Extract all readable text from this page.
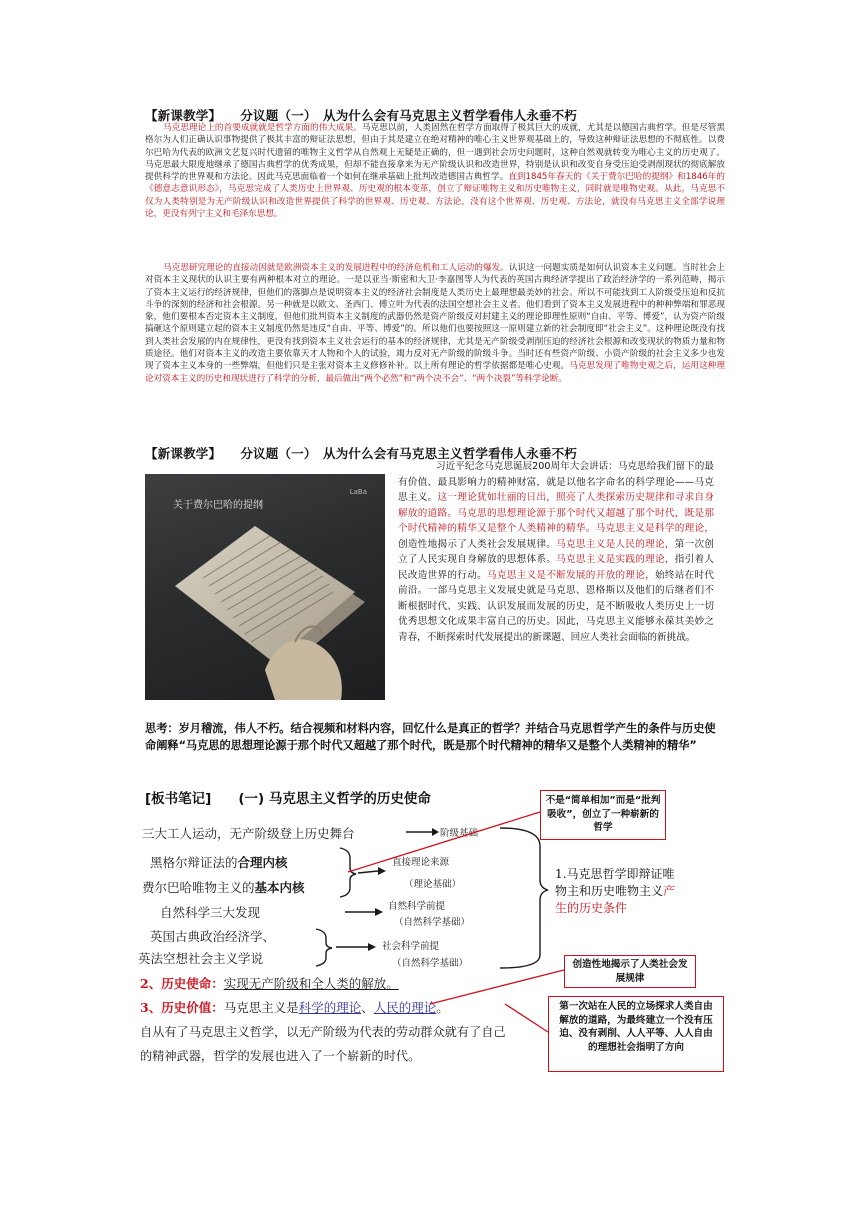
【新课教学】　　分议题（一）　从为什么会有马克思主义哲学看伟人永垂不朽
马克思理论上的首要成就就是哲学方面的伟大成果。马克思以前，人类固然在哲学方面取得了极其巨大的成就，尤其是以德国古典哲学。但是尽管黑格尔为人们正确认识事物提供了极其丰富的辩证法思想，但由于其是建立在绝对精神的唯心主义世界观基础上的，导致这种辩证法思想的不彻底性。以费尔巴哈为代表的欧洲文艺复兴时代遗留的唯物主义哲学从自然观上无疑是正确的，但一遇到社会历史问题时，这种自然观就转变为唯心主义的历史观了。马克思最大限度地继承了德国古典哲学的优秀成果，但却不能直接拿来为无产阶级认识和改造世界，特别是认识和改变自身受压迫受剥削现状的彻底解放提供科学的世界观和方法论。因此马克思面临着一个如何在继承基础上批判改造德国古典哲学。直到1845年春天的《关于费尔巴哈的提纲》和1846年的《德意志意识形态》，马克思完成了人类历史上世界观、历史观的根本变革，创立了辩证唯物主义和历史唯物主义，同时就是唯物史观。从此，马克思不仅为人类特别是为无产阶级认识和改造世界提供了科学的世界观、历史观、方法论，没有这个世界观、历史观、方法论，就没有马克思主义全部学说理论，更没有列宁主义和毛泽东思想。
马克思研究理论的直接动因就是欧洲资本主义的发展进程中的经济危机和工人运动的爆发。认识这一问题实质是如何认识资本主义问题。当时社会上对资本主义现状的认识主要有两种根本对立的理论。一是以亚当·斯密和大卫·李嘉图等人为代表的英国古典经济学提出了政治经济学的一系列范畴，揭示了资本主义运行的经济规律，但他们的落脚点是说明资本主义的经济社会制度是人类历史上最理想最美妙的社会。所以不可能找到工人阶级受压迫和反抗斗争的深刻的经济和社会根源。另一种就是以欧文、圣西门、傅立叶为代表的法国空想社会主义者。他们看到了资本主义发展进程中的种种弊端和罪恶现象，他们要根本否定资本主义制度，但他们批判资本主义制度的武器仍然是资产阶级反对封建主义的理论即理性原则“自由、平等、博爱”，认为资产阶级搞砸这个原则建立起的资本主义制度仍然是违反“自由、平等、博爱”的。所以他们也要按照这一原则建立新的社会制度即“社会主义”。这种理论既没有找到人类社会发展的内在规律性，更没有找到资本主义社会运行的基本的经济规律，尤其是无产阶级受剥削压迫的经济社会根源和改变现状的物质力量和物质途径。他们对资本主义的改造主要依靠天才人物和个人的试验，竭力反对无产阶级的阶级斗争。当时还有些资产阶级、小资产阶级的社会主义多少也发现了资本主义本身的一些弊端，但他们只是主张对资本主义修修补补。以上所有理论的哲学依据都是唯心史观。马克思发现了唯物史观之后，运用这种理论对资本主义的历史和现状进行了科学的分析，最后做出“两个必然”和“两个决不会”、“两个决裂”等科学论断。
【新课教学】　　分议题（一）　从为什么会有马克思主义哲学看伟人永垂不朽
关于费尔巴哈的提纲
LaBa
习近平纪念马克思诞辰200周年大会讲话：马克思给我们留下的最有价值、最具影响力的精神财富，就是以他名字命名的科学理论——马克思主义。这一理论犹如壮丽的日出，照亮了人类探索历史规律和寻求自身解放的道路。马克思的思想理论源于那个时代又超越了那个时代，既是那个时代精神的精华又是整个人类精神的精华。马克思主义是科学的理论，创造性地揭示了人类社会发展规律。马克思主义是人民的理论，第一次创立了人民实现自身解放的思想体系。马克思主义是实践的理论，指引着人民改造世界的行动。马克思主义是不断发展的开放的理论，始终站在时代前沿。一部马克思主义发展史就是马克思、恩格斯以及他们的后继者们不断根据时代、实践、认识发展而发展的历史，是不断吸收人类历史上一切优秀思想文化成果丰富自己的历史。因此，马克思主义能够永葆其美妙之青春，不断探索时代发展提出的新课题、回应人类社会面临的新挑战。
思考：岁月稽流，伟人不朽。结合视频和材料内容，回忆什么是真正的哲学？并结合马克思哲学产生的条件与历史使命阐释“马克思的思想理论源于那个时代又超越了那个时代，既是那个时代精神的精华又是整个人类精神的精华”
[板书笔记]　　(一) 马克思主义哲学的历史使命
三大工人运动，无产阶级登上历史舞台	阶级基础
黑格尔辩证法的合理内核
费尔巴哈唯物主义的基本内核
直接理论来源
（理论基础）
自然科学三大发现	自然科学前提
（自然科学基础）
英国古典政治经济学、
英法空想社会主义学说
社会科学前提
（自然科学基础）
1.马克思哲学即辩证唯物主和历史唯物主义产生的历史条件
2、历史使命：实现无产阶级和全人类的解放。
3、历史价值：马克思主义是科学的理论、人民的理论。
自从有了马克思主义哲学，以无产阶级为代表的劳动群众就有了自己的精神武器，哲学的发展也进入了一个崭新的时代。
不是“简单相加”而是“批判吸收”，创立了一种崭新的哲学
创造性地揭示了人类社会发展规律
第一次站在人民的立场探求人类自由解放的道路，为最终建立一个没有压迫、没有剥削、人人平等、人人自由的理想社会指明了方向
